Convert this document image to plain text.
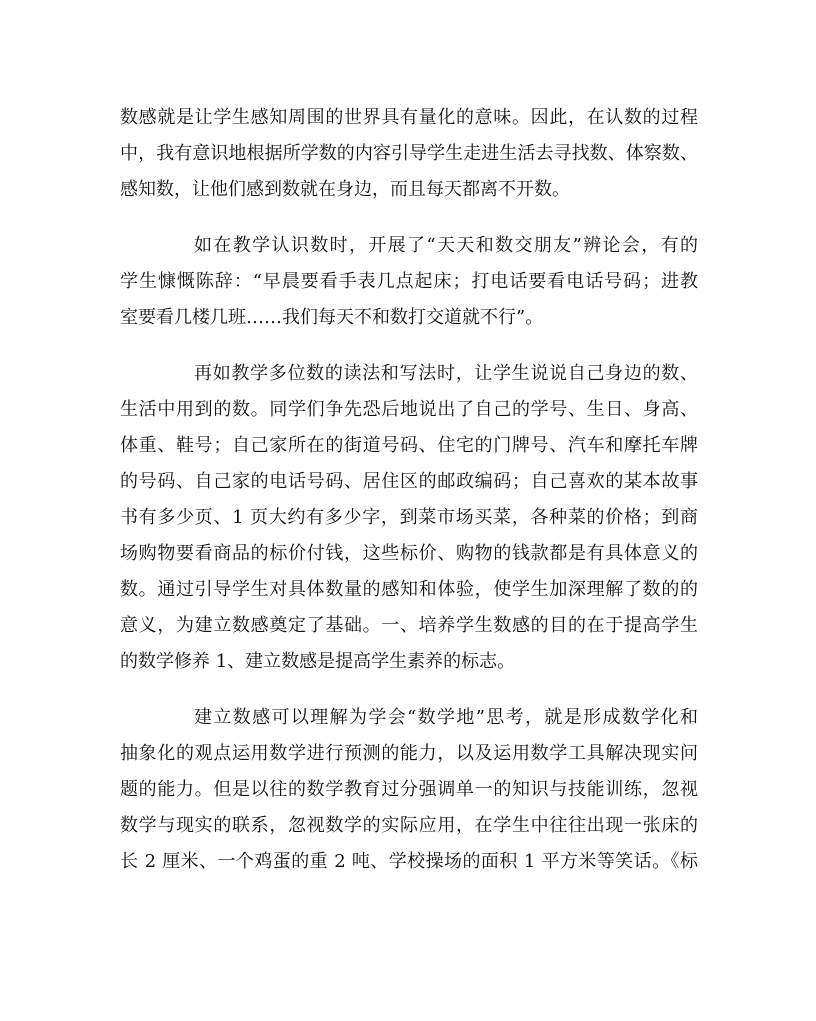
数感就是让学生感知周围的世界具有量化的意味。因此，在认数的过程
中，我有意识地根据所学数的内容引导学生走进生活去寻找数、体察数、
感知数，让他们感到数就在身边，而且每天都离不开数。
如在教学认识数时，开展了“天天和数交朋友”辨论会，有的
学生慷慨陈辞：“早晨要看手表几点起床；打电话要看电话号码；进教
室要看几楼几班……我们每天不和数打交道就不行”。
再如教学多位数的读法和写法时，让学生说说自己身边的数、
生活中用到的数。同学们争先恐后地说出了自己的学号、生日、身高、
体重、鞋号；自己家所在的街道号码、住宅的门牌号、汽车和摩托车牌
的号码、自己家的电话号码、居住区的邮政编码；自己喜欢的某本故事
书有多少页、1 页大约有多少字，到菜市场买菜，各种菜的价格；到商
场购物要看商品的标价付钱，这些标价、购物的钱款都是有具体意义的
数。通过引导学生对具体数量的感知和体验，使学生加深理解了数的的
意义，为建立数感奠定了基础。一、培养学生数感的目的在于提高学生
的数学修养 1、建立数感是提高学生素养的标志。
建立数感可以理解为学会“数学地”思考，就是形成数学化和
抽象化的观点运用数学进行预测的能力，以及运用数学工具解决现实问
题的能力。但是以往的数学教育过分强调单一的知识与技能训练，忽视
数学与现实的联系，忽视数学的实际应用，在学生中往往出现一张床的
长 2 厘米、一个鸡蛋的重 2 吨、学校操场的面积 1 平方米等笑话。《标
